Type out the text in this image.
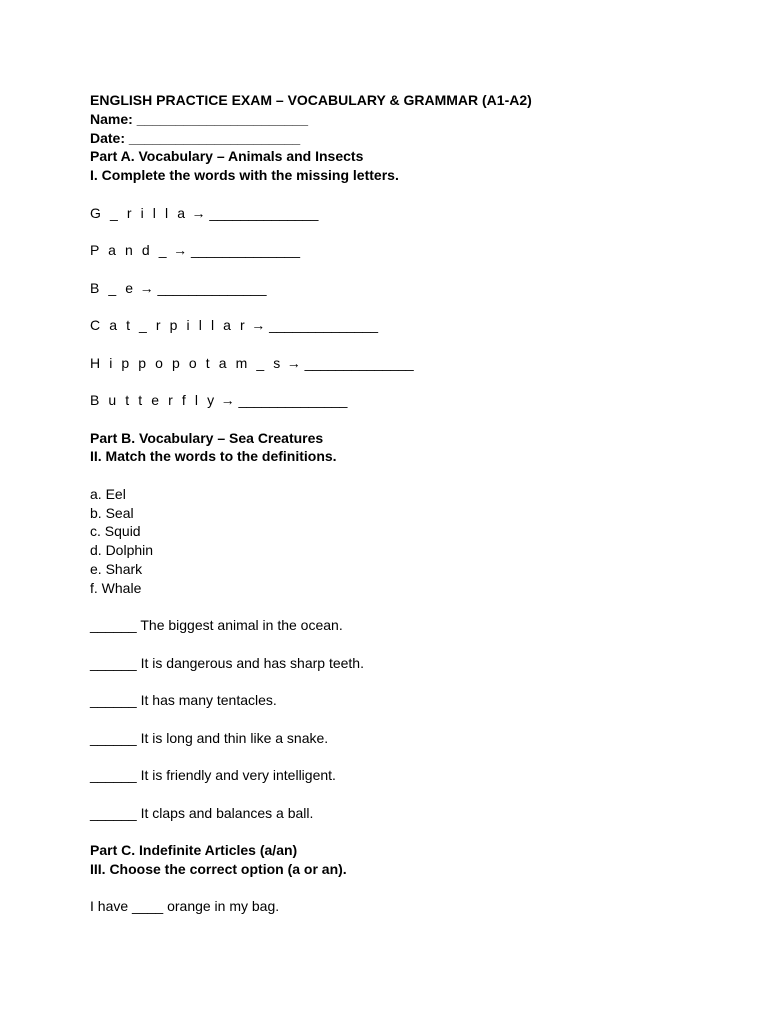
ENGLISH PRACTICE EXAM – VOCABULARY & GRAMMAR (A1-A2)
Name: ______________________
Date: ______________________
Part A. Vocabulary – Animals and Insects
I. Complete the words with the missing letters.
G _ r i l l a → ______________
P a n d _ → ______________
B _ e → ______________
C a t _ r p i l l a r → ______________
H i p p o p o t a m _ s → ______________
B u t t e r f l y → ______________
Part B. Vocabulary – Sea Creatures
II. Match the words to the definitions.
a. Eel
b. Seal
c. Squid
d. Dolphin
e. Shark
f. Whale
______ The biggest animal in the ocean.
______ It is dangerous and has sharp teeth.
______ It has many tentacles.
______ It is long and thin like a snake.
______ It is friendly and very intelligent.
______ It claps and balances a ball.
Part C. Indefinite Articles (a/an)
III. Choose the correct option (a or an).
I have ____ orange in my bag.
